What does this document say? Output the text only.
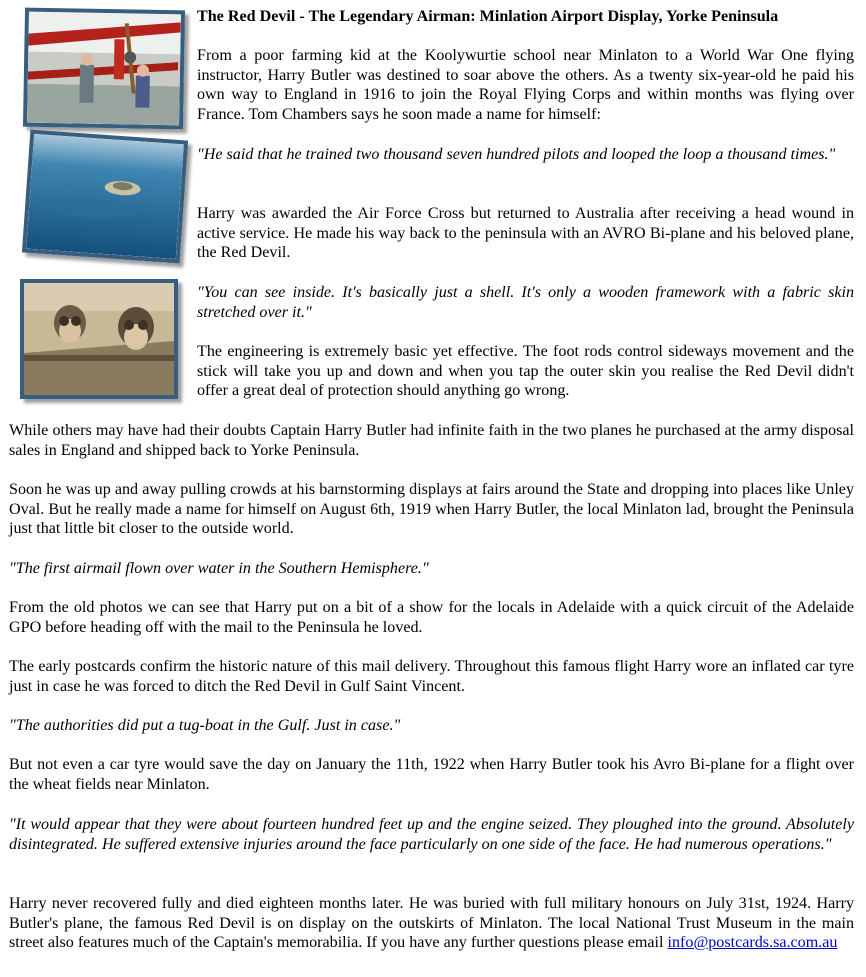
The Red Devil - The Legendary Airman: Minlation Airport Display, Yorke Peninsula

From a poor farming kid at the Koolywurtie school near Minlaton to a World War One flying instructor, Harry Butler was destined to soar above the others. As a twenty six-year-old he paid his own way to England in 1916 to join the Royal Flying Corps and within months was flying over France. Tom Chambers says he soon made a name for himself:

"He said that he trained two thousand seven hundred pilots and looped the loop a thousand times."

Harry was awarded the Air Force Cross but returned to Australia after receiving a head wound in active service. He made his way back to the peninsula with an AVRO Bi-plane and his beloved plane, the Red Devil.

"You can see inside. It's basically just a shell. It's only a wooden framework with a fabric skin stretched over it."

The engineering is extremely basic yet effective. The foot rods control sideways movement and the stick will take you up and down and when you tap the outer skin you realise the Red Devil didn't offer a great deal of protection should anything go wrong.

While others may have had their doubts Captain Harry Butler had infinite faith in the two planes he purchased at the army disposal sales in England and shipped back to Yorke Peninsula.

Soon he was up and away pulling crowds at his barnstorming displays at fairs around the State and dropping into places like Unley Oval. But he really made a name for himself on August 6th, 1919 when Harry Butler, the local Minlaton lad, brought the Peninsula just that little bit closer to the outside world.

"The first airmail flown over water in the Southern Hemisphere."

From the old photos we can see that Harry put on a bit of a show for the locals in Adelaide with a quick circuit of the Adelaide GPO before heading off with the mail to the Peninsula he loved.

The early postcards confirm the historic nature of this mail delivery. Throughout this famous flight Harry wore an inflated car tyre just in case he was forced to ditch the Red Devil in Gulf Saint Vincent.

"The authorities did put a tug-boat in the Gulf. Just in case."

But not even a car tyre would save the day on January the 11th, 1922 when Harry Butler took his Avro Bi-plane for a flight over the wheat fields near Minlaton.

"It would appear that they were about fourteen hundred feet up and the engine seized. They ploughed into the ground. Absolutely disintegrated. He suffered extensive injuries around the face particularly on one side of the face. He had numerous operations."

Harry never recovered fully and died eighteen months later. He was buried with full military honours on July 31st, 1924. Harry Butler's plane, the famous Red Devil is on display on the outskirts of Minlaton. The local National Trust Museum in the main street also features much of the Captain's memorabilia. If you have any further questions please email info@postcards.sa.com.au
